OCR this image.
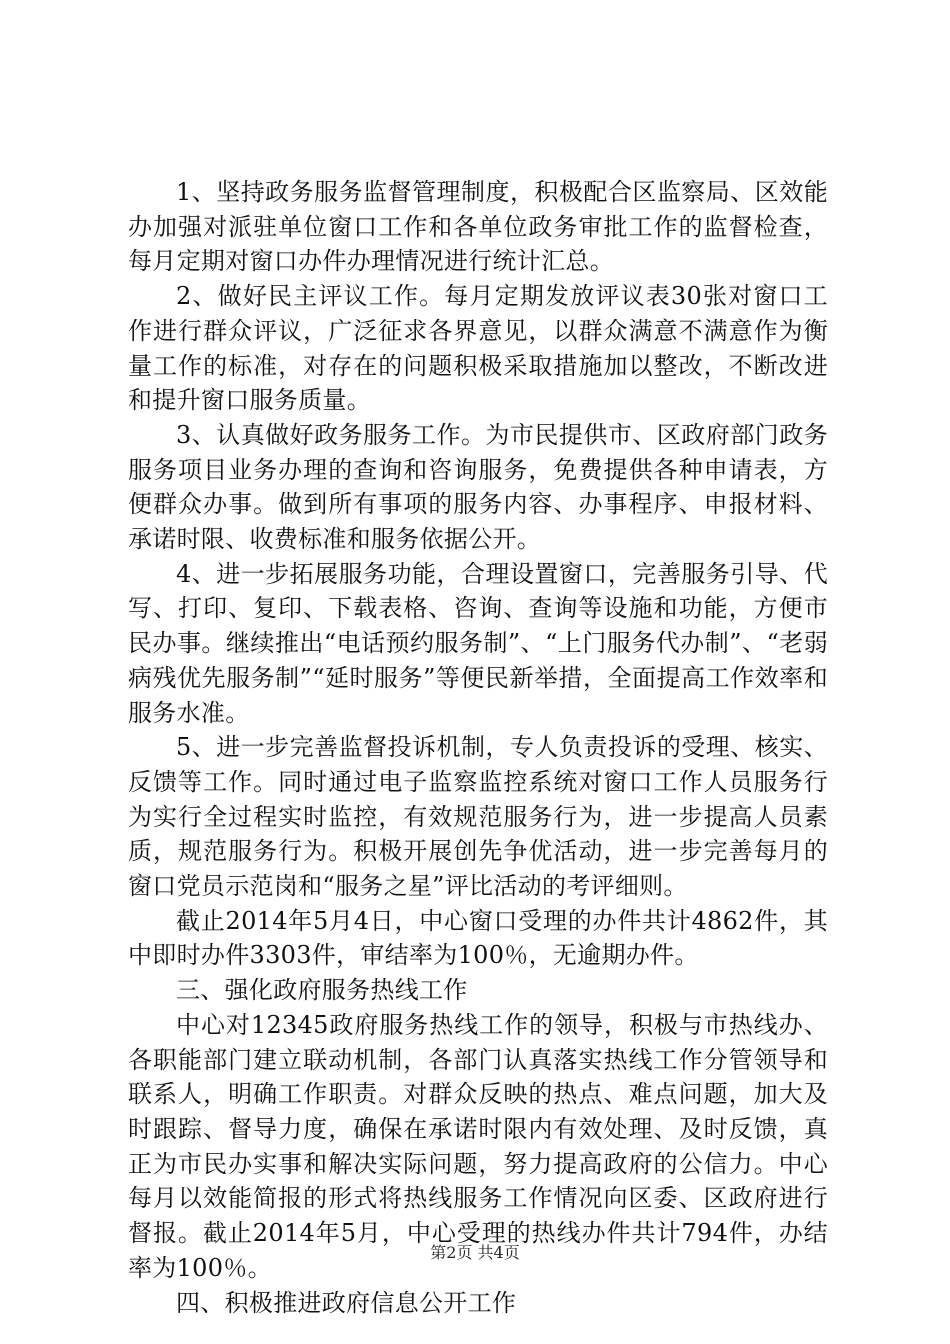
1、坚持政务服务监督管理制度，积极配合区监察局、区效能办加强对派驻单位窗口工作和各单位政务审批工作的监督检查，每月定期对窗口办件办理情况进行统计汇总。

2、做好民主评议工作。每月定期发放评议表30张对窗口工作进行群众评议，广泛征求各界意见，以群众满意不满意作为衡量工作的标准，对存在的问题积极采取措施加以整改，不断改进和提升窗口服务质量。

3、认真做好政务服务工作。为市民提供市、区政府部门政务服务项目业务办理的查询和咨询服务，免费提供各种申请表，方便群众办事。做到所有事项的服务内容、办事程序、申报材料、承诺时限、收费标准和服务依据公开。

4、进一步拓展服务功能，合理设置窗口，完善服务引导、代写、打印、复印、下载表格、咨询、查询等设施和功能，方便市民办事。继续推出“电话预约服务制”、“上门服务代办制”、“老弱病残优先服务制”“延时服务”等便民新举措，全面提高工作效率和服务水准。

5、进一步完善监督投诉机制，专人负责投诉的受理、核实、反馈等工作。同时通过电子监察监控系统对窗口工作人员服务行为实行全过程实时监控，有效规范服务行为，进一步提高人员素质，规范服务行为。积极开展创先争优活动，进一步完善每月的窗口党员示范岗和“服务之星”评比活动的考评细则。

截止2014年5月4日，中心窗口受理的办件共计4862件，其中即时办件3303件，审结率为100％，无逾期办件。

三、强化政府服务热线工作

中心对12345政府服务热线工作的领导，积极与市热线办、各职能部门建立联动机制，各部门认真落实热线工作分管领导和联系人，明确工作职责。对群众反映的热点、难点问题，加大及时跟踪、督导力度，确保在承诺时限内有效处理、及时反馈，真正为市民办实事和解决实际问题，努力提高政府的公信力。中心每月以效能简报的形式将热线服务工作情况向区委、区政府进行督报。截止2014年5月，中心受理的热线办件共计794件，办结率为100％。

四、积极推进政府信息公开工作

第2页 共4页
